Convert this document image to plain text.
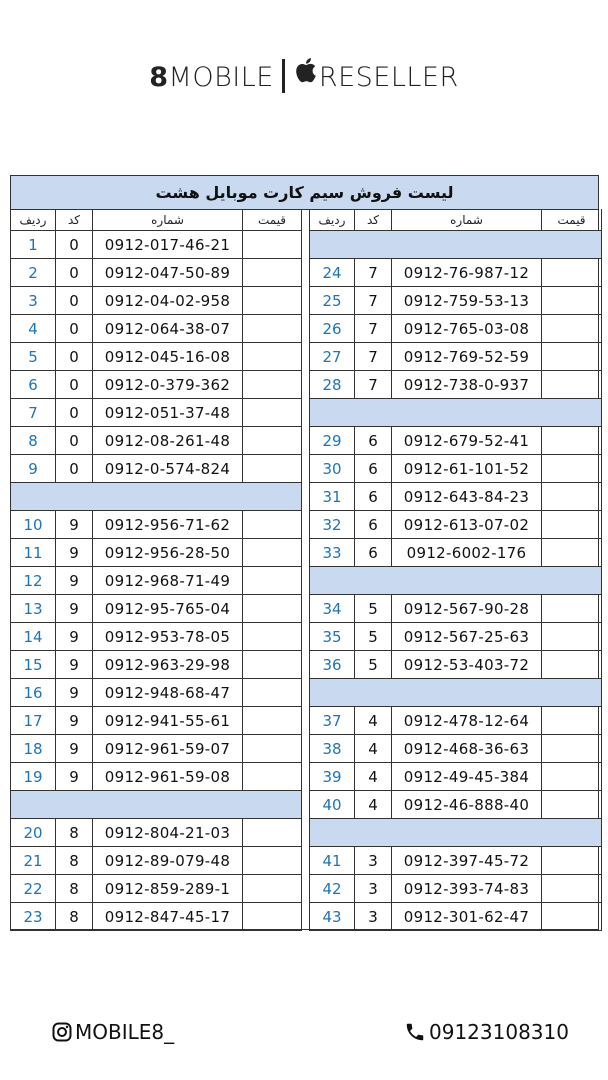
8MOBILE RESELLER
لیست فروش سیم کارت موبایل هشت
ردیف	کد	شماره	قیمت
1	0	0912-017-46-21
2	0	0912-047-50-89
3	0	0912-04-02-958
4	0	0912-064-38-07
5	0	0912-045-16-08
6	0	0912-0-379-362
7	0	0912-051-37-48
8	0	0912-08-261-48
9	0	0912-0-574-824
10	9	0912-956-71-62
11	9	0912-956-28-50
12	9	0912-968-71-49
13	9	0912-95-765-04
14	9	0912-953-78-05
15	9	0912-963-29-98
16	9	0912-948-68-47
17	9	0912-941-55-61
18	9	0912-961-59-07
19	9	0912-961-59-08
20	8	0912-804-21-03
21	8	0912-89-079-48
22	8	0912-859-289-1
23	8	0912-847-45-17
ردیف	کد	شماره	قیمت
24	7	0912-76-987-12
25	7	0912-759-53-13
26	7	0912-765-03-08
27	7	0912-769-52-59
28	7	0912-738-0-937
29	6	0912-679-52-41
30	6	0912-61-101-52
31	6	0912-643-84-23
32	6	0912-613-07-02
33	6	0912-6002-176
34	5	0912-567-90-28
35	5	0912-567-25-63
36	5	0912-53-403-72
37	4	0912-478-12-64
38	4	0912-468-36-63
39	4	0912-49-45-384
40	4	0912-46-888-40
41	3	0912-397-45-72
42	3	0912-393-74-83
43	3	0912-301-62-47
MOBILE8_	09123108310
